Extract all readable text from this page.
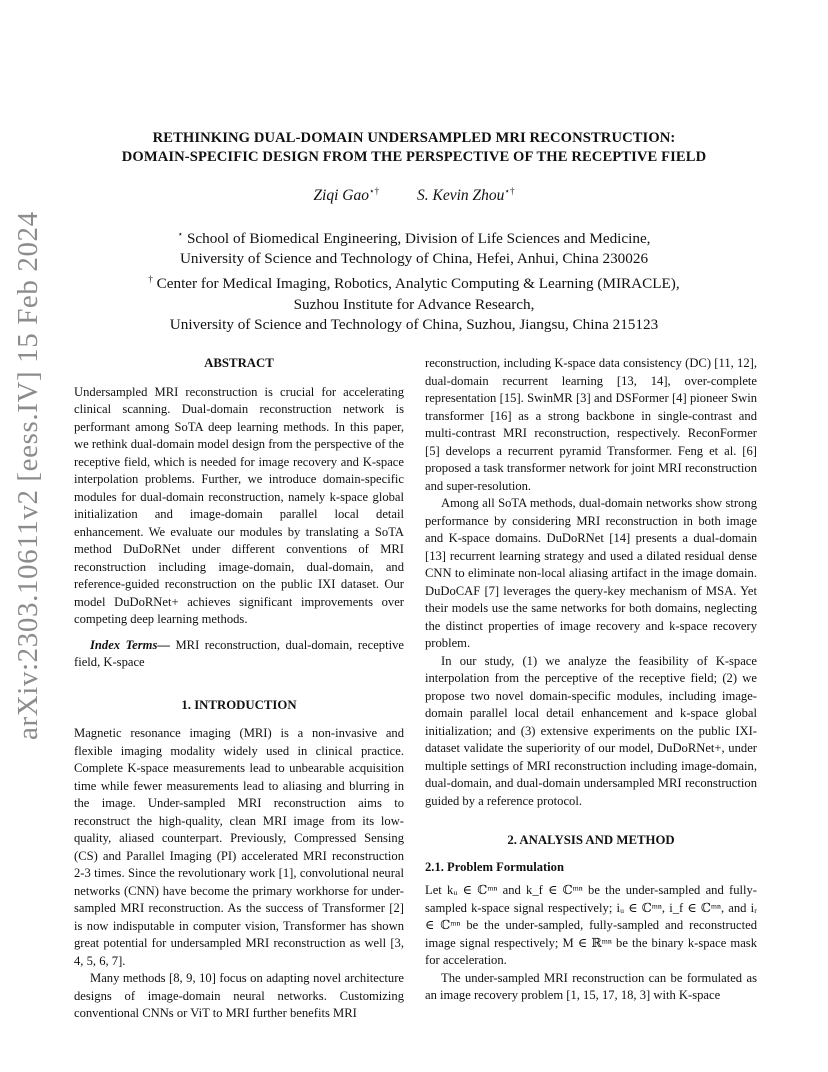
arXiv:2303.10611v2 [eess.IV] 15 Feb 2024
RETHINKING DUAL-DOMAIN UNDERSAMPLED MRI RECONSTRUCTION:
DOMAIN-SPECIFIC DESIGN FROM THE PERSPECTIVE OF THE RECEPTIVE FIELD
Ziqi Gao⋆† S. Kevin Zhou⋆†
⋆ School of Biomedical Engineering, Division of Life Sciences and Medicine,
University of Science and Technology of China, Hefei, Anhui, China 230026
† Center for Medical Imaging, Robotics, Analytic Computing & Learning (MIRACLE),
Suzhou Institute for Advance Research,
University of Science and Technology of China, Suzhou, Jiangsu, China 215123

ABSTRACT

Undersampled MRI reconstruction is crucial for accelerating clinical scanning. Dual-domain reconstruction network is performant among SoTA deep learning methods. In this paper, we rethink dual-domain model design from the perspective of the receptive field, which is needed for image recovery and K-space interpolation problems. Further, we introduce domain-specific modules for dual-domain reconstruction, namely k-space global initialization and image-domain parallel local detail enhancement. We evaluate our modules by translating a SoTA method DuDoRNet under different conventions of MRI reconstruction including image-domain, dual-domain, and reference-guided reconstruction on the public IXI dataset. Our model DuDoRNet+ achieves significant improvements over competing deep learning methods.

Index Terms— MRI reconstruction, dual-domain, receptive field, K-space

1. INTRODUCTION

Magnetic resonance imaging (MRI) is a non-invasive and flexible imaging modality widely used in clinical practice. Complete K-space measurements lead to unbearable acquisition time while fewer measurements lead to aliasing and blurring in the image. Under-sampled MRI reconstruction aims to reconstruct the high-quality, clean MRI image from its low-quality, aliased counterpart. Previously, Compressed Sensing (CS) and Parallel Imaging (PI) accelerated MRI reconstruction 2-3 times. Since the revolutionary work [1], convolutional neural networks (CNN) have become the primary workhorse for under-sampled MRI reconstruction. As the success of Transformer [2] is now indisputable in computer vision, Transformer has shown great potential for undersampled MRI reconstruction as well [3, 4, 5, 6, 7].

Many methods [8, 9, 10] focus on adapting novel architecture designs of image-domain neural networks. Customizing conventional CNNs or ViT to MRI further benefits MRI

reconstruction, including K-space data consistency (DC) [11, 12], dual-domain recurrent learning [13, 14], over-complete representation [15]. SwinMR [3] and DSFormer [4] pioneer Swin transformer [16] as a strong backbone in single-contrast and multi-contrast MRI reconstruction, respectively. ReconFormer [5] develops a recurrent pyramid Transformer. Feng et al. [6] proposed a task transformer network for joint MRI reconstruction and super-resolution.

Among all SoTA methods, dual-domain networks show strong performance by considering MRI reconstruction in both image and K-space domains. DuDoRNet [14] presents a dual-domain [13] recurrent learning strategy and used a dilated residual dense CNN to eliminate non-local aliasing artifact in the image domain. DuDoCAF [7] leverages the query-key mechanism of MSA. Yet their models use the same networks for both domains, neglecting the distinct properties of image recovery and k-space recovery problem.

In our study, (1) we analyze the feasibility of K-space interpolation from the perceptive of the receptive field; (2) we propose two novel domain-specific modules, including image-domain parallel local detail enhancement and k-space global initialization; and (3) extensive experiments on the public IXI-dataset validate the superiority of our model, DuDoRNet+, under multiple settings of MRI reconstruction including image-domain, dual-domain, and dual-domain undersampled MRI reconstruction guided by a reference protocol.

2. ANALYSIS AND METHOD

2.1. Problem Formulation

Let kᵤ ∈ ℂᵐⁿ and k_f ∈ ℂᵐⁿ be the under-sampled and fully-sampled k-space signal respectively; iᵤ ∈ ℂᵐⁿ, i_f ∈ ℂᵐⁿ, and iᵣ ∈ ℂᵐⁿ be the under-sampled, fully-sampled and reconstructed image signal respectively; M ∈ ℝᵐⁿ be the binary k-space mask for acceleration.

The under-sampled MRI reconstruction can be formulated as an image recovery problem [1, 15, 17, 18, 3] with K-space
